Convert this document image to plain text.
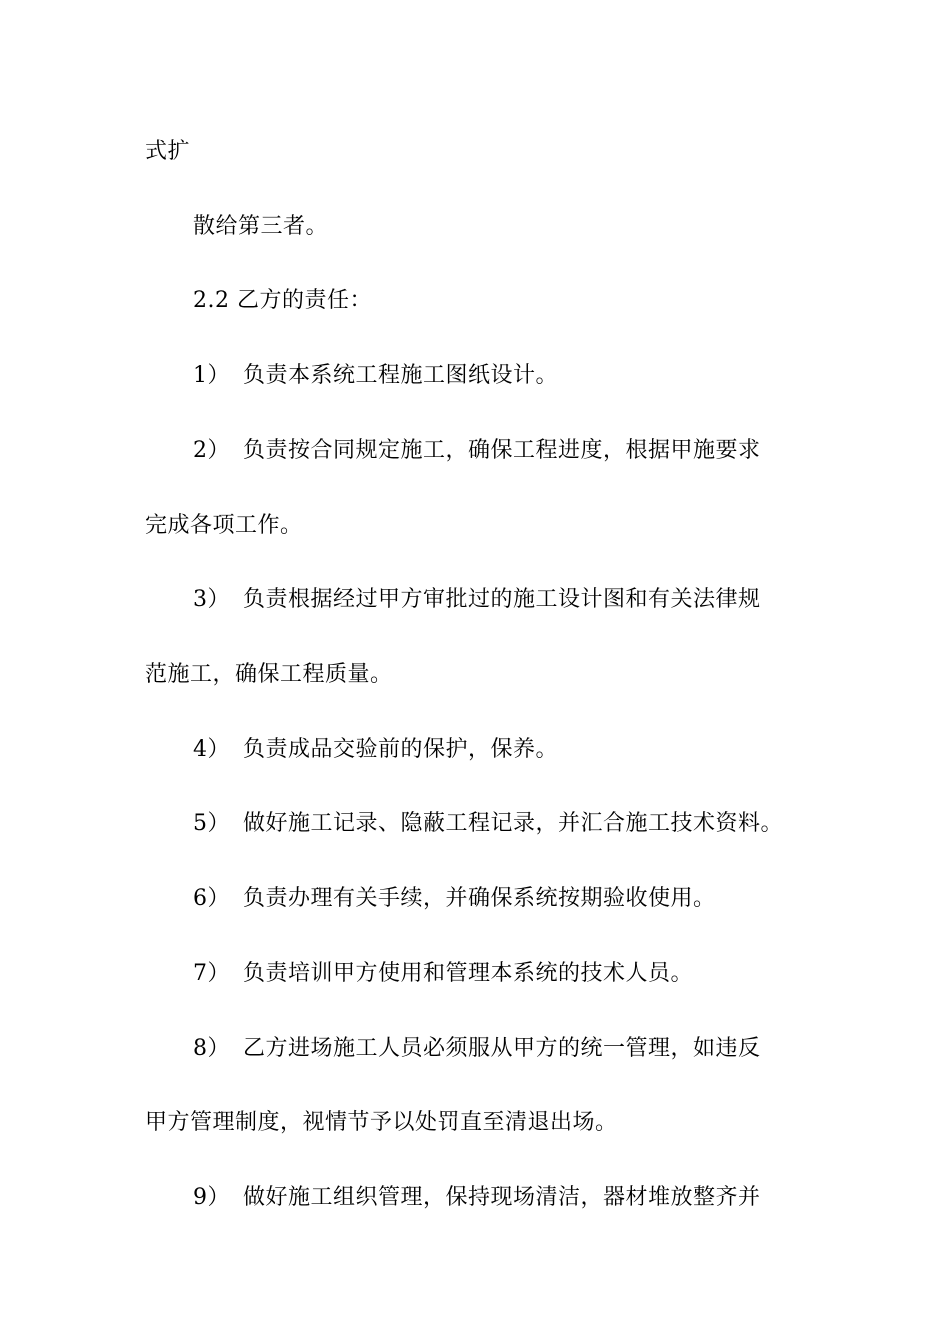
式扩
散给第三者。
2.2 乙方的责任：
1） 负责本系统工程施工图纸设计。
2） 负责按合同规定施工，确保工程进度，根据甲施要求
完成各项工作。
3） 负责根据经过甲方审批过的施工设计图和有关法律规
范施工，确保工程质量。
4） 负责成品交验前的保护，保养。
5） 做好施工记录、隐蔽工程记录，并汇合施工技术资料。
6） 负责办理有关手续，并确保系统按期验收使用。
7） 负责培训甲方使用和管理本系统的技术人员。
8） 乙方进场施工人员必须服从甲方的统一管理，如违反
甲方管理制度，视情节予以处罚直至清退出场。
9） 做好施工组织管理，保持现场清洁，器材堆放整齐并
